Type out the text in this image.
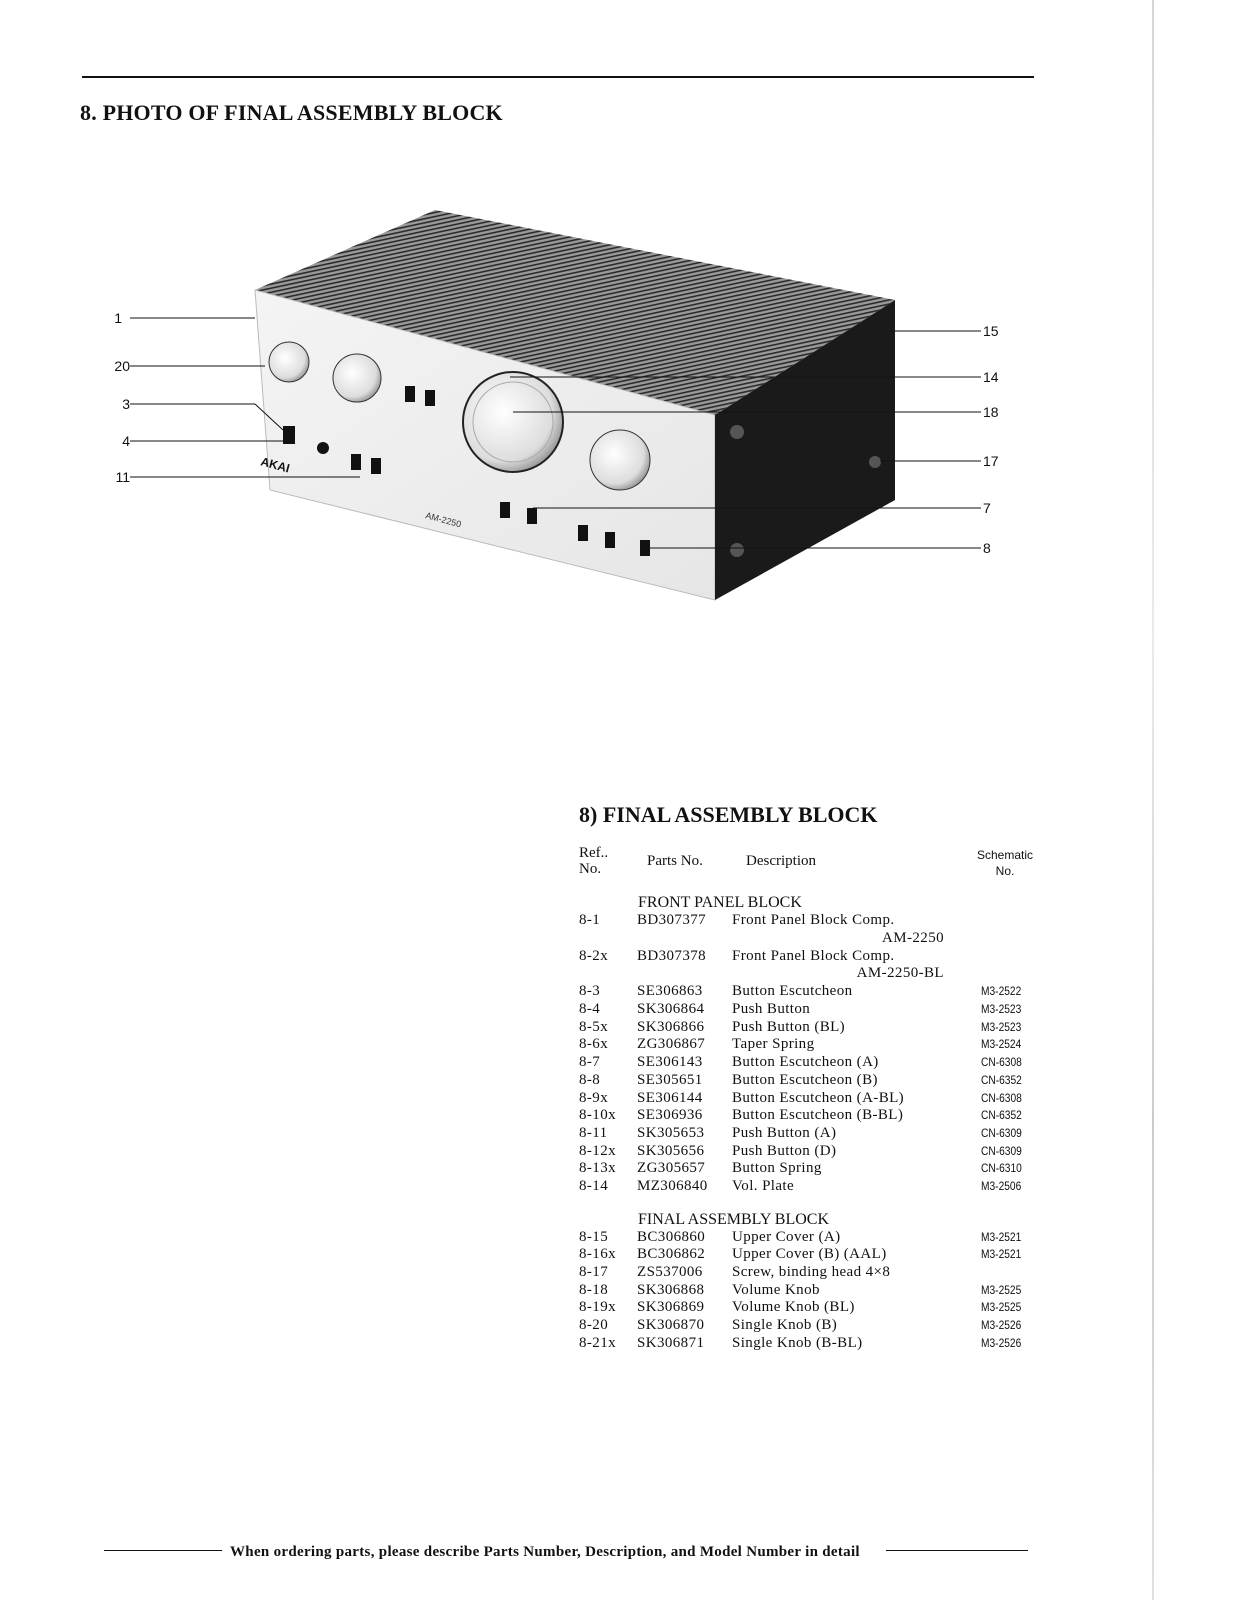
8. PHOTO OF FINAL ASSEMBLY BLOCK
AKAI
AM-2250
1
20
3
4
11
15
14
18
17
7
8
8) FINAL ASSEMBLY BLOCK
Ref.. No.	Parts No.	Description	Schematic No.
FRONT PANEL BLOCK
8-1 BD307377 Front Panel Block Comp.
AM-2250
8-2x BD307378 Front Panel Block Comp.
AM-2250-BL
8-3 SE306863 Button Escutcheon	M3-2522
8-4 SK306864 Push Button	M3-2523
8-5x SK306866 Push Button (BL)	M3-2523
8-6x ZG306867 Taper Spring	M3-2524
8-7 SE306143 Button Escutcheon (A)	CN-6308
8-8 SE305651 Button Escutcheon (B)	CN-6352
8-9x SE306144 Button Escutcheon (A-BL)	CN-6308
8-10x SE306936 Button Escutcheon (B-BL)	CN-6352
8-11 SK305653 Push Button (A)	CN-6309
8-12x SK305656 Push Button (D)	CN-6309
8-13x ZG305657 Button Spring	CN-6310
8-14 MZ306840 Vol. Plate	M3-2506
FINAL ASSEMBLY BLOCK
8-15 BC306860 Upper Cover (A)	M3-2521
8-16x BC306862 Upper Cover (B) (AAL)	M3-2521
8-17 ZS537006 Screw, binding head 4×8
8-18 SK306868 Volume Knob	M3-2525
8-19x SK306869 Volume Knob (BL)	M3-2525
8-20 SK306870 Single Knob (B)	M3-2526
8-21x SK306871 Single Knob (B-BL)	M3-2526
When ordering parts, please describe Parts Number, Description, and Model Number in detail
